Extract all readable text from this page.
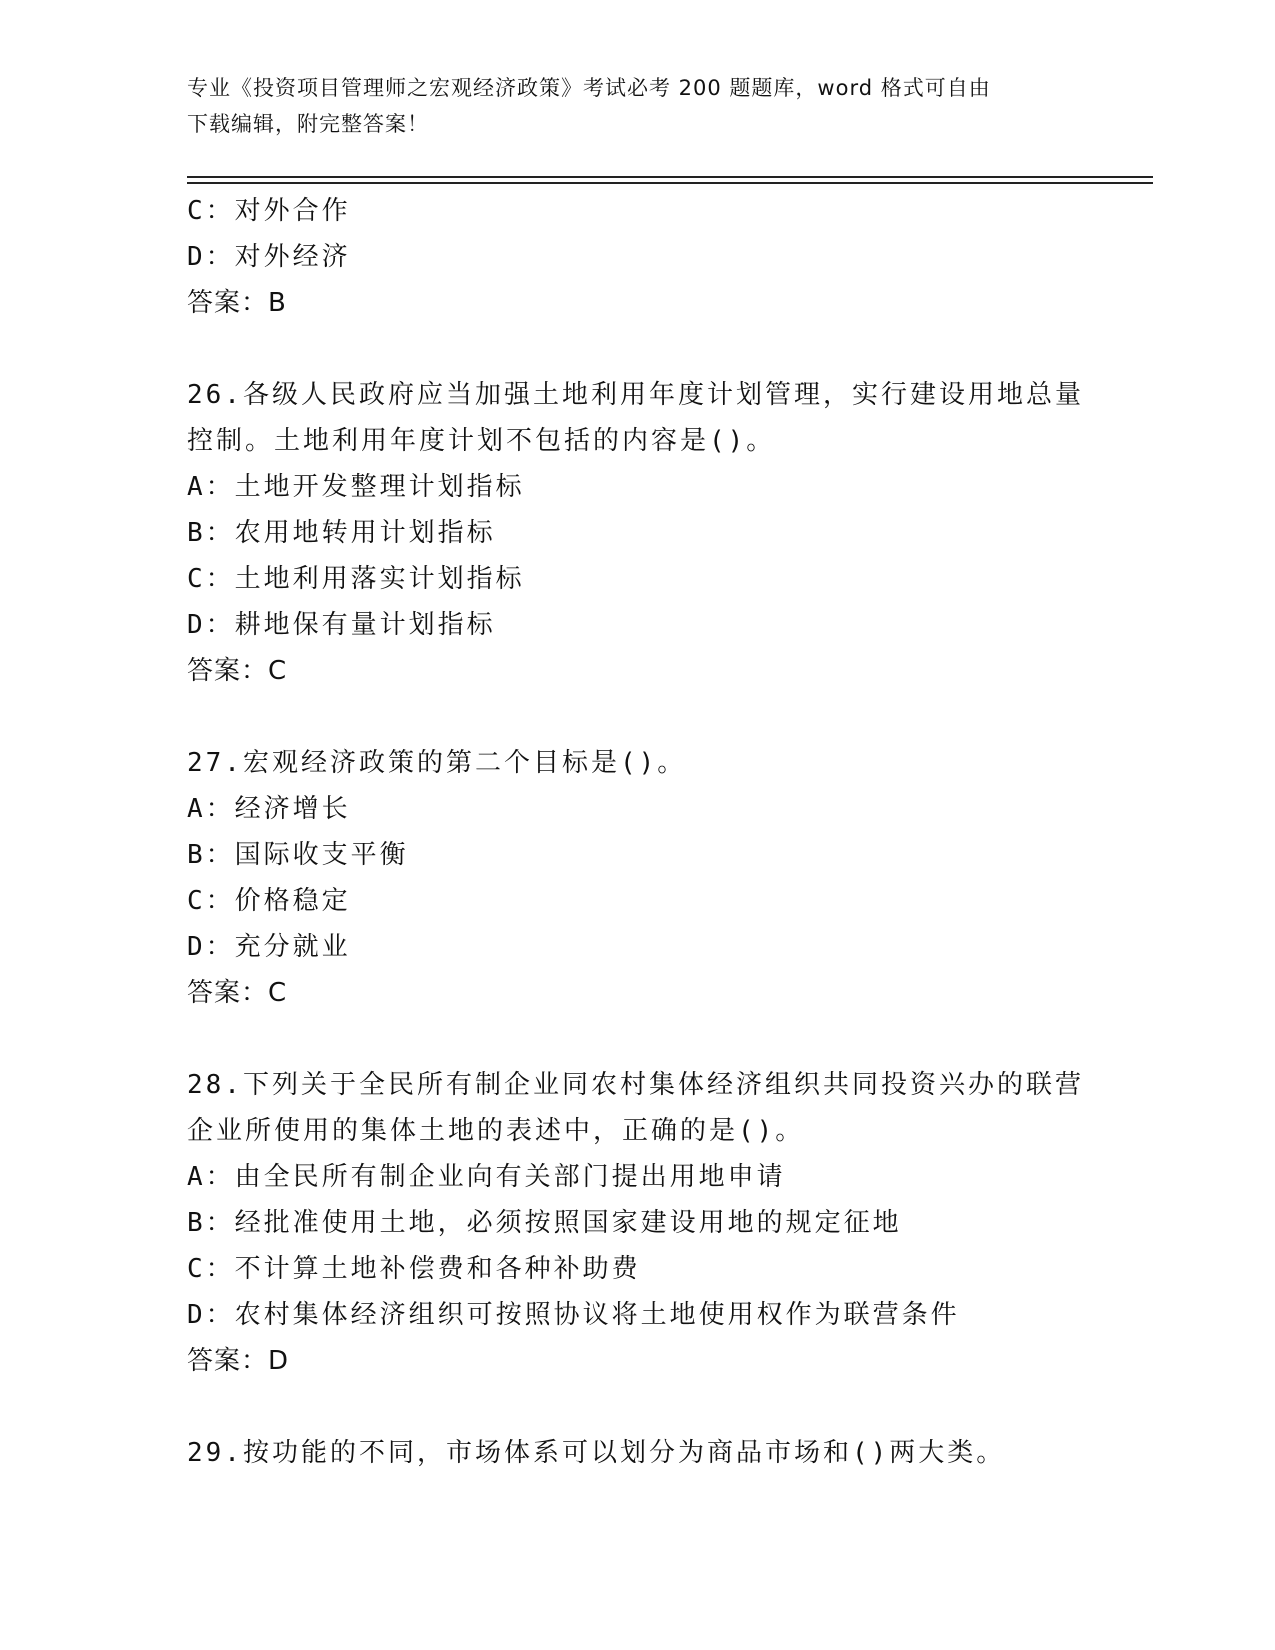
专业《投资项目管理师之宏观经济政策》考试必考 200 题题库，word 格式可自由
下载编辑，附完整答案！
C：对外合作
D：对外经济
答案：B
26.各级人民政府应当加强土地利用年度计划管理，实行建设用地总量
控制。土地利用年度计划不包括的内容是()。
A：土地开发整理计划指标
B：农用地转用计划指标
C：土地利用落实计划指标
D：耕地保有量计划指标
答案：C
27.宏观经济政策的第二个目标是()。
A：经济增长
B：国际收支平衡
C：价格稳定
D：充分就业
答案：C
28.下列关于全民所有制企业同农村集体经济组织共同投资兴办的联营
企业所使用的集体土地的表述中，正确的是()。
A：由全民所有制企业向有关部门提出用地申请
B：经批准使用土地，必须按照国家建设用地的规定征地
C：不计算土地补偿费和各种补助费
D：农村集体经济组织可按照协议将土地使用权作为联营条件
答案：D
29.按功能的不同，市场体系可以划分为商品市场和()两大类。
